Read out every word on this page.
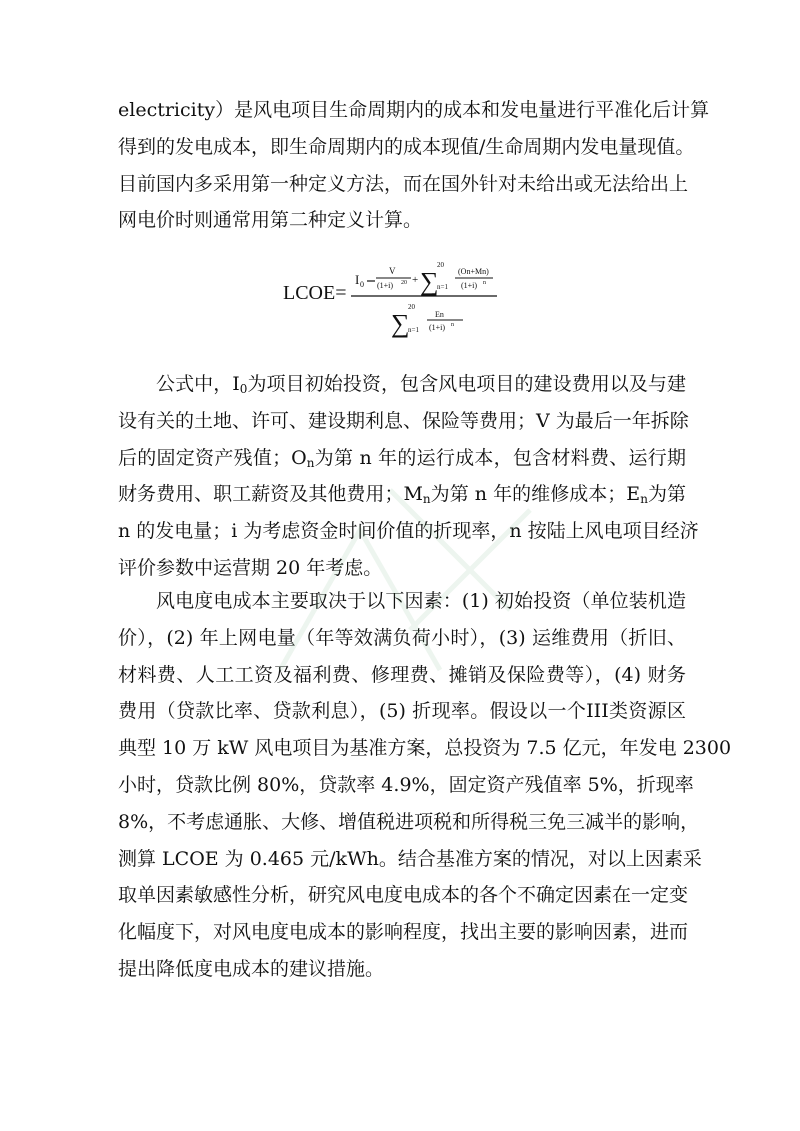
electricity）是风电项目生命周期内的成本和发电量进行平准化后计算
得到的发电成本，即生命周期内的成本现值/生命周期内发电量现值。
目前国内多采用第一种定义方法，而在国外针对未给出或无法给出上
网电价时则通常用第二种定义计算。
LCOE=
I 0
V
(1+i) 20 + ∑
20
n=1
(On+Mn)
(1+i) n
∑
20
n=1
En
(1+i) n
公式中，$I_0$为项目初始投资，包含风电项目的建设费用以及与建
设有关的土地、许可、建设期利息、保险等费用；V 为最后一年拆除
后的固定资产残值；$O_n$为第 n 年的运行成本，包含材料费、运行期
财务费用、职工薪资及其他费用；$M_n$为第 n 年的维修成本；$E_n$为第
n 的发电量；i 为考虑资金时间价值的折现率，n 按陆上风电项目经济
评价参数中运营期 20 年考虑。
风电度电成本主要取决于以下因素：(1) 初始投资（单位装机造
价），(2) 年上网电量（年等效满负荷小时），(3) 运维费用（折旧、
材料费、人工工资及福利费、修理费、摊销及保险费等），(4) 财务
费用（贷款比率、贷款利息），(5) 折现率。假设以一个III类资源区
典型 10 万 kW 风电项目为基准方案，总投资为 7.5 亿元，年发电 2300
小时，贷款比例 80%，贷款率 4.9%，固定资产残值率 5%，折现率
8%，不考虑通胀、大修、增值税进项税和所得税三免三减半的影响，
测算 LCOE 为 0.465 元/kWh。结合基准方案的情况，对以上因素采
取单因素敏感性分析，研究风电度电成本的各个不确定因素在一定变
化幅度下，对风电度电成本的影响程度，找出主要的影响因素，进而
提出降低度电成本的建议措施。
